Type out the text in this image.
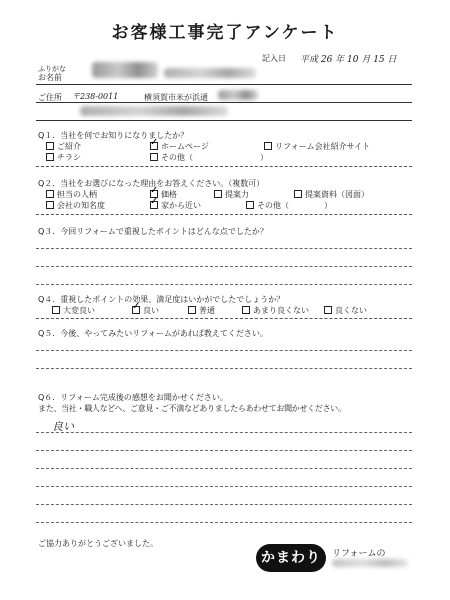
お客様工事完了アンケート
記入日 平成 26 年 10 月 15 日
ふりがな
お名前
ご住所 〒238-0011	横須賀市米が浜通
Q１．当社を何でお知りになりましたか？
ご紹介 ✓	ホームページ	リフォーム会社紹介サイト
チラシ	その他（	）
Q２．当社をお選びになった理由をお答えください。（複数可）
担当の人柄 ✓	価格	提案力	提案資料（図面）
会社の知名度 ✓	家から近い	その他（	）
Q３．今回リフォームで重視したポイントはどんな点でしたか？
Q４．重視したポイントの効果、満足度はいかがでしたでしょうか？
大変良い ✓	良い	普通	あまり良くない	良くない
Q５．今後、やってみたいリフォームがあれば教えてください。
Q６．リフォーム完成後の感想をお聞かせください。
また、当社・職人などへ、ご意見・ご不満などありましたらあわせてお聞かせください。
良い
ご協力ありがとうございました。
かまわり	リフォームの
